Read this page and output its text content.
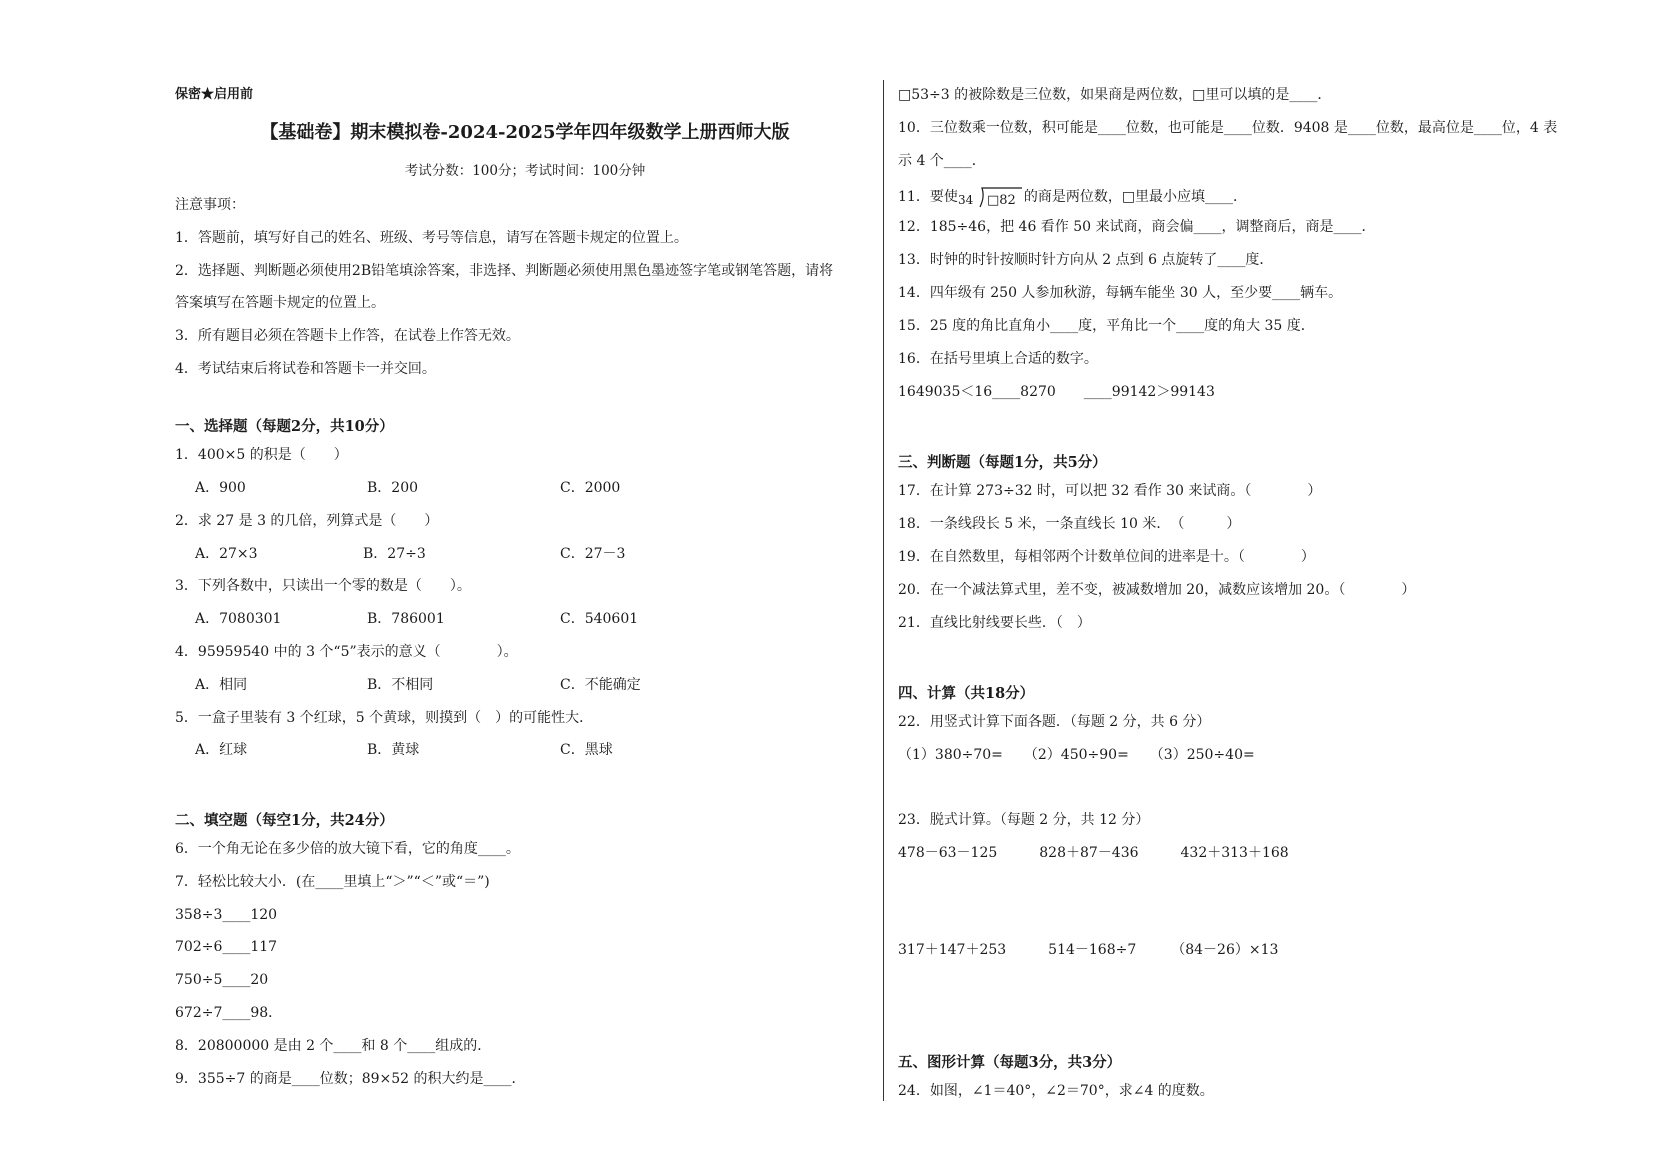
保密★启用前
【基础卷】期末模拟卷-2024-2025学年四年级数学上册西师大版
考试分数：100分；考试时间：100分钟
注意事项：
1．答题前，填写好自己的姓名、班级、考号等信息，请写在答题卡规定的位置上。
2．选择题、判断题必须使用2B铅笔填涂答案，非选择、判断题必须使用黑色墨迹签字笔或钢笔答题，请将
答案填写在答题卡规定的位置上。
3．所有题目必须在答题卡上作答，在试卷上作答无效。
4．考试结束后将试卷和答题卡一并交回。
一、选择题（每题2分，共10分）
1．400×5 的积是（　　）
A．900	B．200	C．2000
2．求 27 是 3 的几倍，列算式是（　　）
A．27×3	B．27÷3	C．27－3
3．下列各数中，只读出一个零的数是（　　）。
A．7080301	B．786001	C．540601
4．95959540 中的 3 个“5”表示的意义（　　　　）。
A．相同	B．不相同	C．不能确定
5．一盒子里装有 3 个红球，5 个黄球，则摸到（　）的可能性大．
A．红球	B．黄球	C．黑球
二、填空题（每空1分，共24分）
6．一个角无论在多少倍的放大镜下看，它的角度____。
7．轻松比较大小．(在____里填上“＞”“＜”或“＝”)
358÷3____120
702÷6____117
750÷5____20
672÷7____98．
8．20800000 是由 2 个____和 8 个____组成的．
9．355÷7 的商是____位数；89×52 的积大约是____．
□53÷3 的被除数是三位数，如果商是两位数，□里可以填的是____．
10．三位数乘一位数，积可能是____位数，也可能是____位数．9408 是____位数，最高位是____位，4 表
示 4 个____．
11．要使 34 □82 的商是两位数，□里最小应填____．
12．185÷46，把 46 看作 50 来试商，商会偏____，调整商后，商是____．
13．时钟的时针按顺时针方向从 2 点到 6 点旋转了____度．
14．四年级有 250 人参加秋游，每辆车能坐 30 人，至少要____辆车。
15．25 度的角比直角小____度，平角比一个____度的角大 35 度．
16．在括号里填上合适的数字。
1649035＜16____8270　　____99142＞99143
三、判断题（每题1分，共5分）
17．在计算 273÷32 时，可以把 32 看作 30 来试商。（　　　　）
18．一条线段长 5 米，一条直线长 10 米．　（　　　）
19．在自然数里，每相邻两个计数单位间的进率是十。（　　　　）
20．在一个减法算式里，差不变，被减数增加 20，减数应该增加 20。（　　　　）
21．直线比射线要长些．（　）
四、计算（共18分）
22．用竖式计算下面各题．（每题 2 分，共 6 分）
（1）380÷70=　　（2）450÷90=　　（3）250÷40=
23．脱式计算。（每题 2 分，共 12 分）
478－63－125　　　828＋87－436　　　432＋313＋168
317＋147＋253　　　514－168÷7　　　（84－26）×13
五、图形计算（每题3分，共3分）
24．如图，∠1＝40°，∠2＝70°，求∠4 的度数。
